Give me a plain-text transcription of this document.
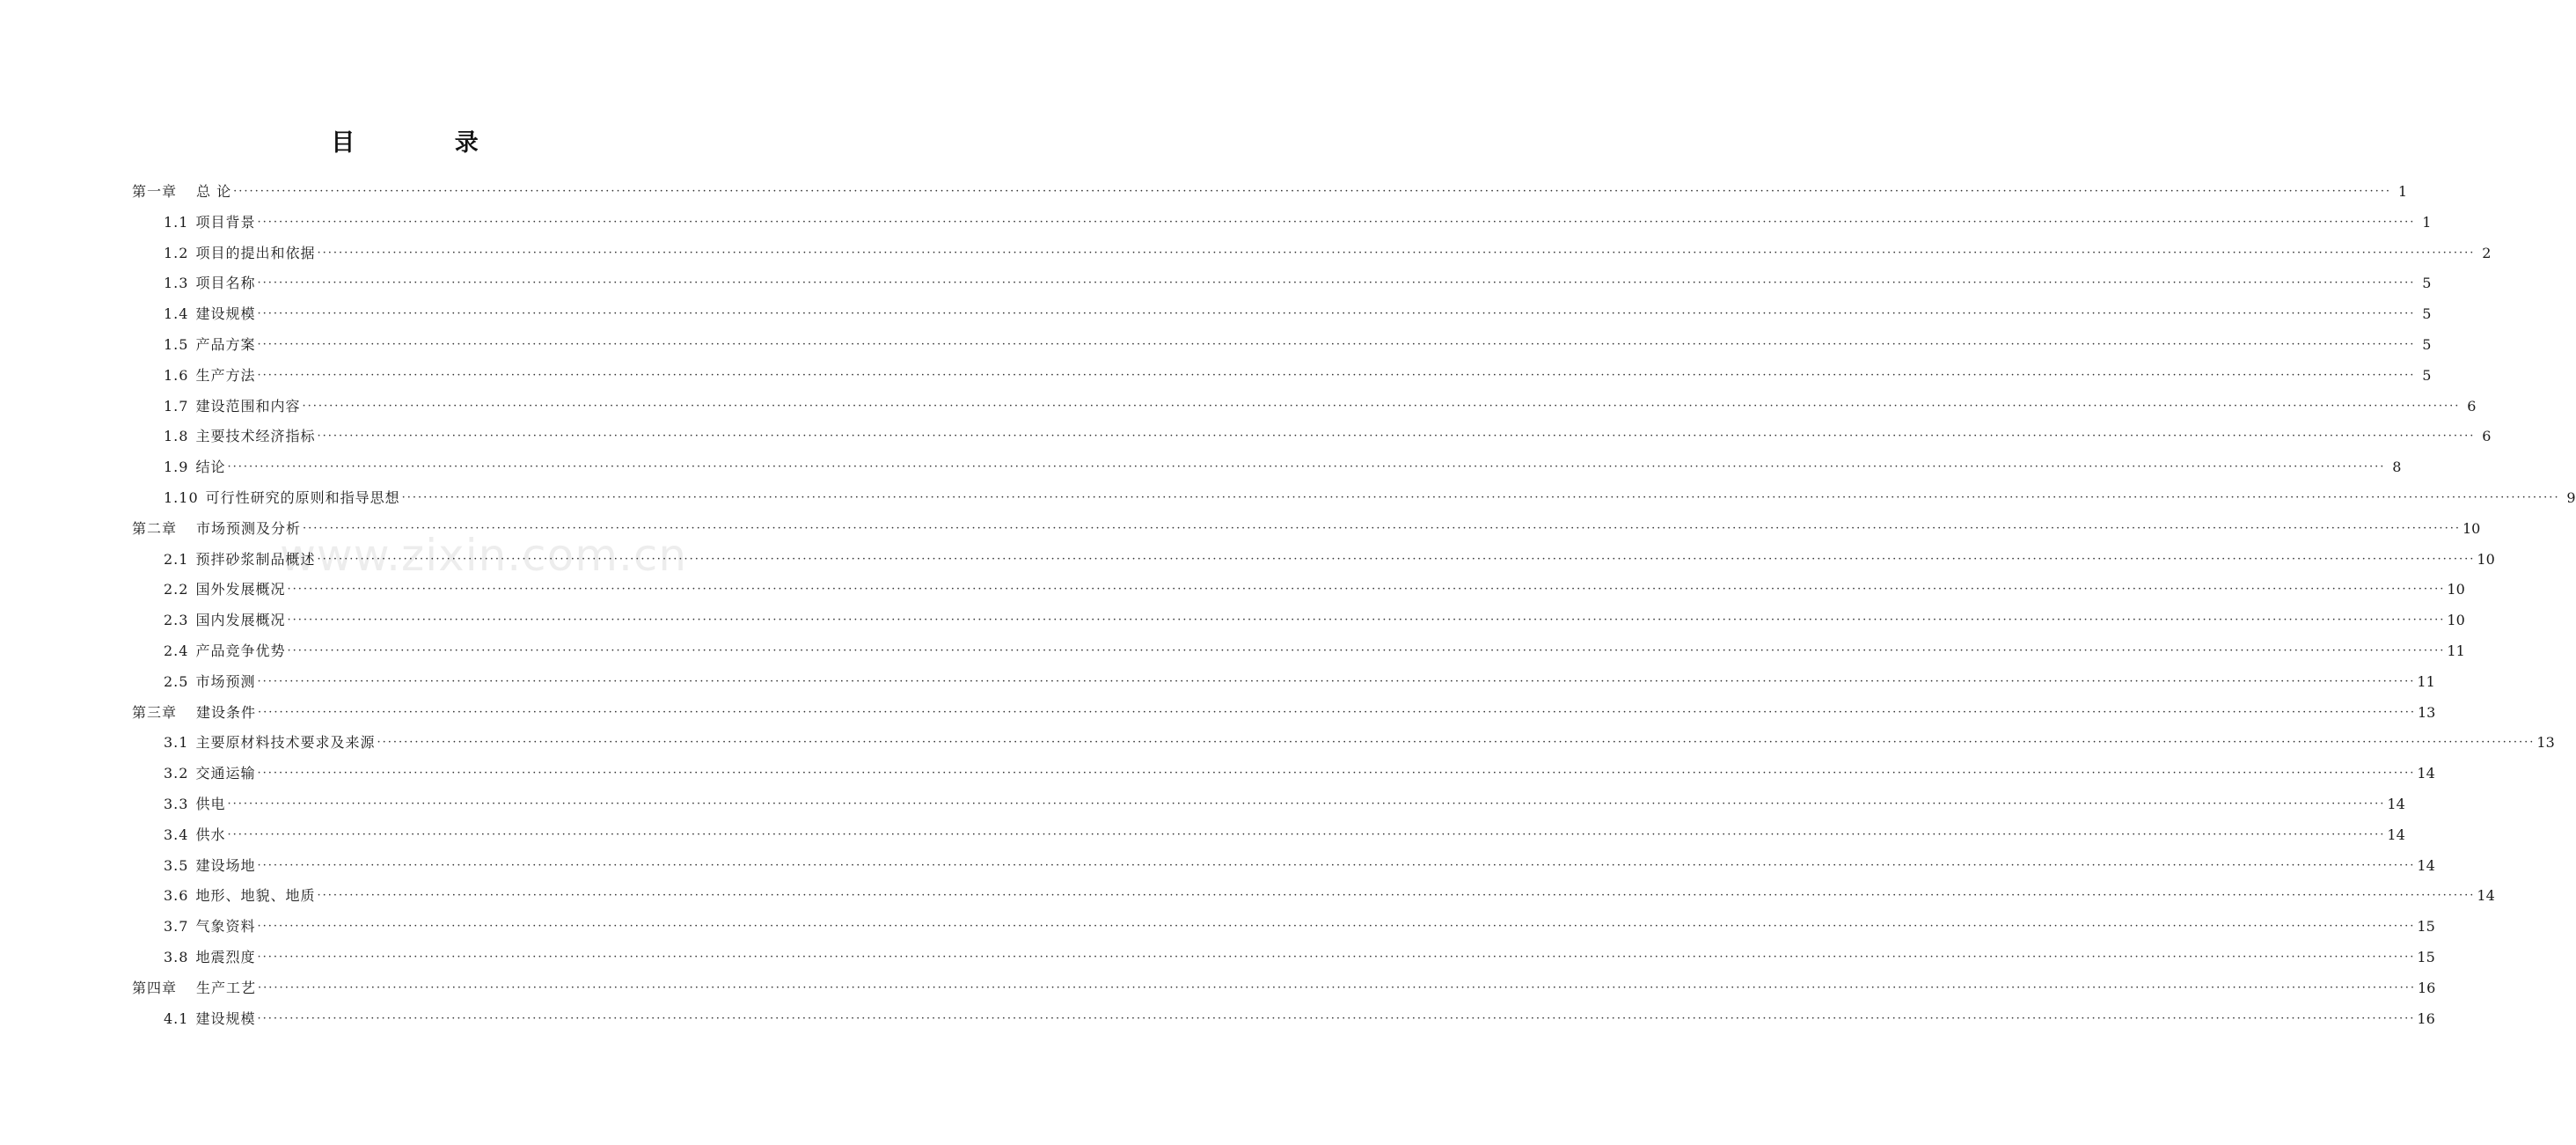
目 录
www.zixin.com.cn
第一章 总 论 ················································································································································································································································································································································································································ 1
1.1 项目背景 ················································································································································································································································································································································································································ 1
1.2 项目的提出和依据 ················································································································································································································································································································································································································ 2
1.3 项目名称 ················································································································································································································································································································································································································ 5
1.4 建设规模 ················································································································································································································································································································································································································ 5
1.5 产品方案 ················································································································································································································································································································································································································ 5
1.6 生产方法 ················································································································································································································································································································································································································ 5
1.7 建设范围和内容 ················································································································································································································································································································································································································ 6
1.8 主要技术经济指标 ················································································································································································································································································································································································································ 6
1.9 结论 ················································································································································································································································································································································································································ 8
1.10 可行性研究的原则和指导思想 ················································································································································································································································································································································································································ 9
第二章 市场预测及分析 ················································································································································································································································································································································································································ 10
2.1 预拌砂浆制品概述 ················································································································································································································································································································································································································ 10
2.2 国外发展概况 ················································································································································································································································································································································································································ 10
2.3 国内发展概况 ················································································································································································································································································································································································································ 10
2.4 产品竞争优势 ················································································································································································································································································································································································································ 11
2.5 市场预测 ················································································································································································································································································································································································································ 11
第三章 建设条件 ················································································································································································································································································································································································································ 13
3.1 主要原材料技术要求及来源 ················································································································································································································································································································································································································ 13
3.2 交通运输 ················································································································································································································································································································································································································ 14
3.3 供电 ················································································································································································································································································································································································································ 14
3.4 供水 ················································································································································································································································································································································································································ 14
3.5 建设场地 ················································································································································································································································································································································································································ 14
3.6 地形、地貌、地质 ················································································································································································································································································································································································································ 14
3.7 气象资料 ················································································································································································································································································································································································································ 15
3.8 地震烈度 ················································································································································································································································································································································································································ 15
第四章 生产工艺 ················································································································································································································································································································································································································ 16
4.1 建设规模 ················································································································································································································································································································································································································ 16
